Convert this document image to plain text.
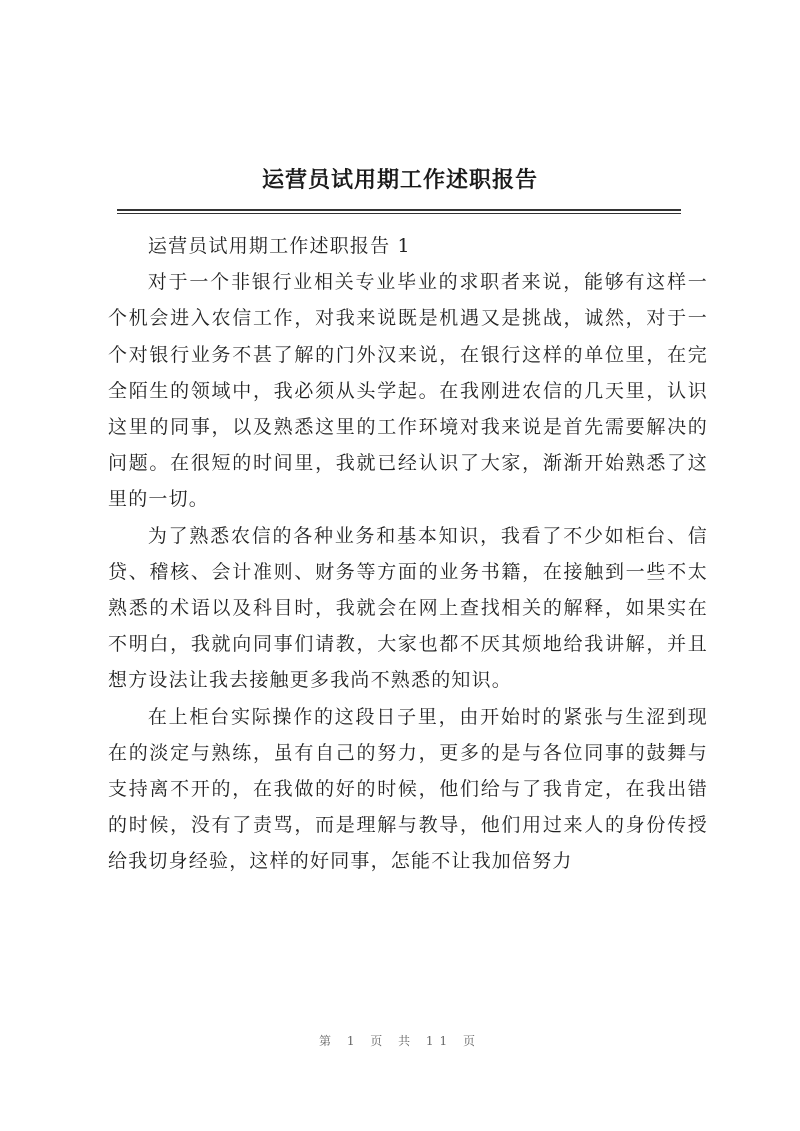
运营员试用期工作述职报告

运营员试用期工作述职报告 1

对于一个非银行业相关专业毕业的求职者来说，能够有这样一个机会进入农信工作，对我来说既是机遇又是挑战，诚然，对于一个对银行业务不甚了解的门外汉来说，在银行这样的单位里，在完全陌生的领域中，我必须从头学起。在我刚进农信的几天里，认识这里的同事，以及熟悉这里的工作环境对我来说是首先需要解决的问题。在很短的时间里，我就已经认识了大家，渐渐开始熟悉了这里的一切。

为了熟悉农信的各种业务和基本知识，我看了不少如柜台、信贷、稽核、会计准则、财务等方面的业务书籍，在接触到一些不太熟悉的术语以及科目时，我就会在网上查找相关的解释，如果实在不明白，我就向同事们请教，大家也都不厌其烦地给我讲解，并且想方设法让我去接触更多我尚不熟悉的知识。

在上柜台实际操作的这段日子里，由开始时的紧张与生涩到现在的淡定与熟练，虽有自己的努力，更多的是与各位同事的鼓舞与支持离不开的，在我做的好的时候，他们给与了我肯定，在我出错的时候，没有了责骂，而是理解与教导，他们用过来人的身份传授给我切身经验，这样的好同事，怎能不让我加倍努力

第 1 页 共 11 页
